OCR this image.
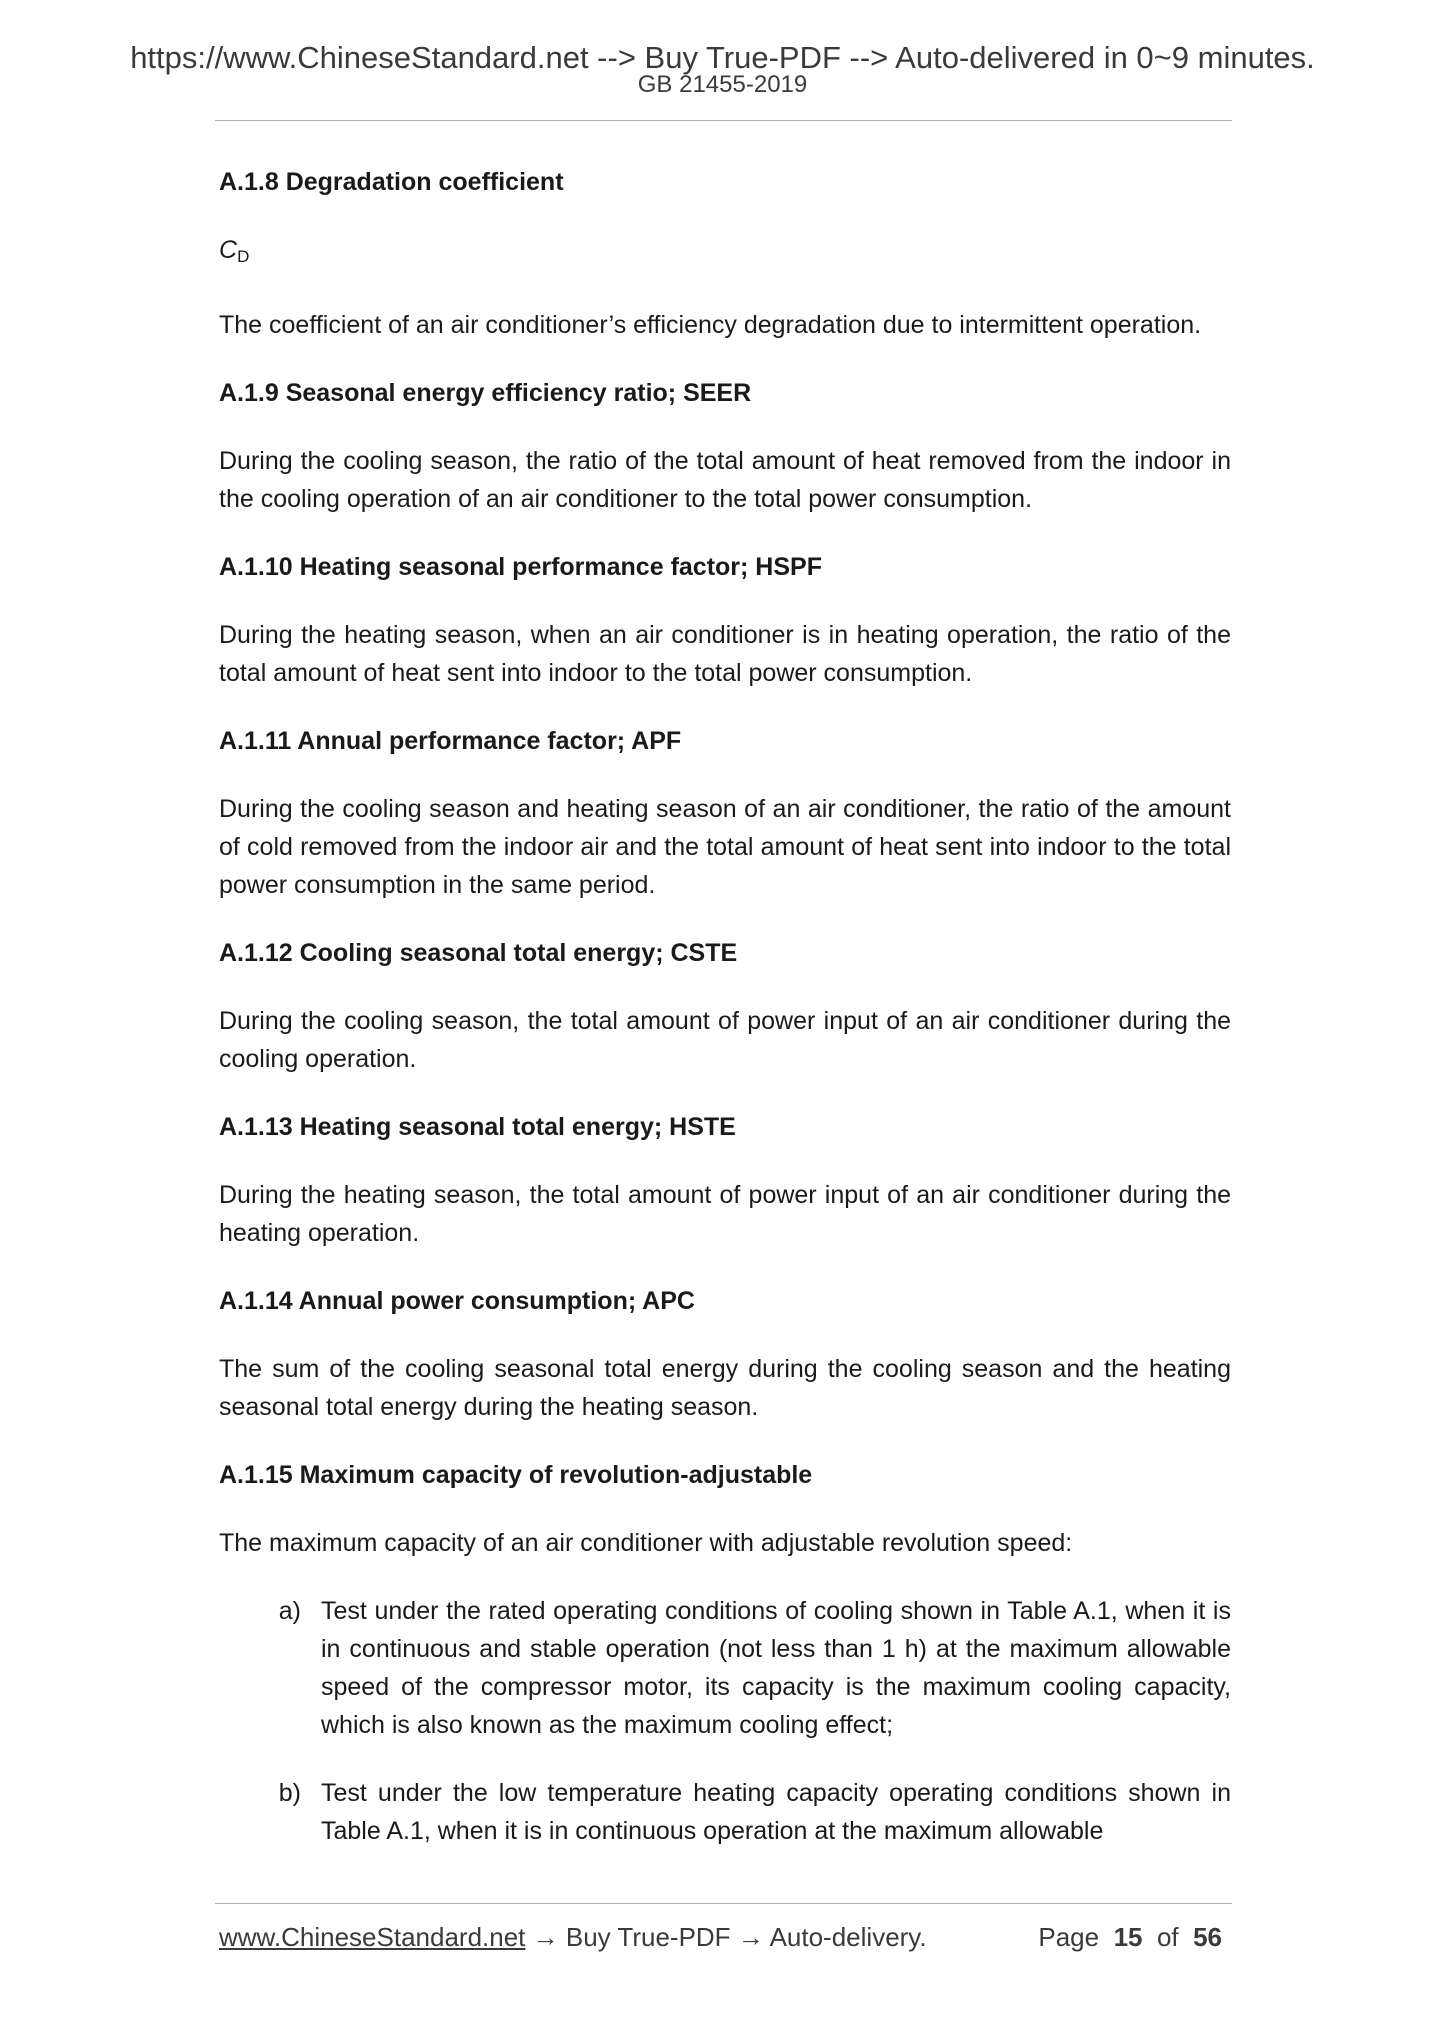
https://www.ChineseStandard.net --> Buy True-PDF --> Auto-delivered in 0~9 minutes.
GB 21455-2019
A.1.8 Degradation coefficient
$C_D$
The coefficient of an air conditioner’s efficiency degradation due to intermittent operation.
A.1.9 Seasonal energy efficiency ratio; SEER
During the cooling season, the ratio of the total amount of heat removed from the indoor in the cooling operation of an air conditioner to the total power consumption.
A.1.10 Heating seasonal performance factor; HSPF
During the heating season, when an air conditioner is in heating operation, the ratio of the total amount of heat sent into indoor to the total power consumption.
A.1.11 Annual performance factor; APF
During the cooling season and heating season of an air conditioner, the ratio of the amount of cold removed from the indoor air and the total amount of heat sent into indoor to the total power consumption in the same period.
A.1.12 Cooling seasonal total energy; CSTE
During the cooling season, the total amount of power input of an air conditioner during the cooling operation.
A.1.13 Heating seasonal total energy; HSTE
During the heating season, the total amount of power input of an air conditioner during the heating operation.
A.1.14 Annual power consumption; APC
The sum of the cooling seasonal total energy during the cooling season and the heating seasonal total energy during the heating season.
A.1.15 Maximum capacity of revolution-adjustable
The maximum capacity of an air conditioner with adjustable revolution speed:
a) Test under the rated operating conditions of cooling shown in Table A.1, when it is in continuous and stable operation (not less than 1 h) at the maximum allowable speed of the compressor motor, its capacity is the maximum cooling capacity, which is also known as the maximum cooling effect;
b) Test under the low temperature heating capacity operating conditions shown in Table A.1, when it is in continuous operation at the maximum allowable
www.ChineseStandard.net → Buy True-PDF → Auto-delivery.	Page 15 of 56
